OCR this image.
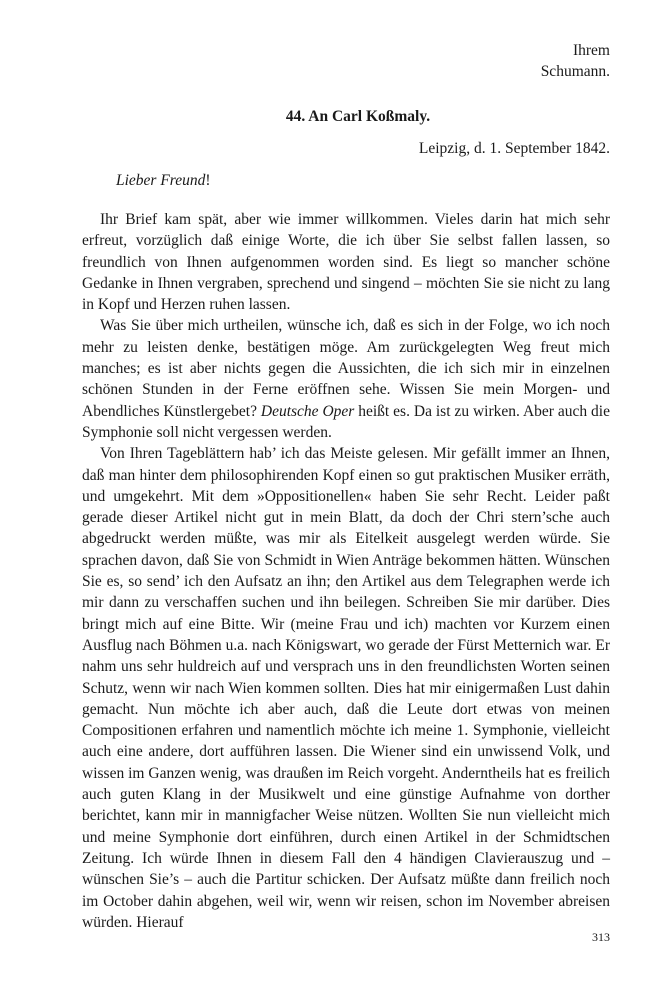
Ihrem
Schumann.
44. An Carl Koßmaly.
Leipzig, d. 1. September 1842.
Lieber Freund!

Ihr Brief kam spät, aber wie immer willkommen. Vieles darin hat mich sehr erfreut, vorzüglich daß einige Worte, die ich über Sie selbst fallen lassen, so freundlich von Ihnen aufgenommen worden sind. Es liegt so mancher schöne Gedanke in Ihnen vergraben, sprechend und singend – möchten Sie sie nicht zu lang in Kopf und Herzen ruhen lassen.

Was Sie über mich urtheilen, wünsche ich, daß es sich in der Folge, wo ich noch mehr zu leisten denke, bestätigen möge. Am zurückgelegten Weg freut mich manches; es ist aber nichts gegen die Aussichten, die ich sich mir in einzelnen schönen Stunden in der Ferne eröffnen sehe. Wissen Sie mein Morgen- und Abendliches Künstlergebet? Deutsche Oper heißt es. Da ist zu wirken. Aber auch die Symphonie soll nicht vergessen werden.

Von Ihren Tageblättern hab’ ich das Meiste gelesen. Mir gefällt immer an Ihnen, daß man hinter dem philosophirenden Kopf einen so gut praktischen Musiker erräth, und umgekehrt. Mit dem »Oppositionellen« haben Sie sehr Recht. Leider paßt gerade dieser Artikel nicht gut in mein Blatt, da doch der Chri stern’sche auch abgedruckt werden müßte, was mir als Eitelkeit ausgelegt werden würde. Sie sprachen davon, daß Sie von Schmidt in Wien Anträge bekommen hätten. Wünschen Sie es, so send’ ich den Aufsatz an ihn; den Artikel aus dem Telegraphen werde ich mir dann zu verschaffen suchen und ihn beilegen. Schreiben Sie mir darüber. Dies bringt mich auf eine Bitte. Wir (meine Frau und ich) machten vor Kurzem einen Ausflug nach Böhmen u.a. nach Königswart, wo gerade der Fürst Metternich war. Er nahm uns sehr huldreich auf und versprach uns in den freundlichsten Worten seinen Schutz, wenn wir nach Wien kommen sollten. Dies hat mir einigermaßen Lust dahin gemacht. Nun möchte ich aber auch, daß die Leute dort etwas von meinen Compositionen erfahren und namentlich möchte ich meine 1. Symphonie, vielleicht auch eine andere, dort aufführen lassen. Die Wiener sind ein unwissend Volk, und wissen im Ganzen wenig, was draußen im Reich vorgeht. Anderntheils hat es freilich auch guten Klang in der Musikwelt und eine günstige Aufnahme von dorther berichtet, kann mir in mannigfacher Weise nützen. Wollten Sie nun vielleicht mich und meine Symphonie dort einführen, durch einen Artikel in der Schmidtschen Zeitung. Ich würde Ihnen in diesem Fall den 4 händigen Clavierauszug und – wünschen Sie’s – auch die Partitur schicken. Der Aufsatz müßte dann freilich noch im October dahin abgehen, weil wir, wenn wir reisen, schon im November abreisen würden. Hierauf

313
